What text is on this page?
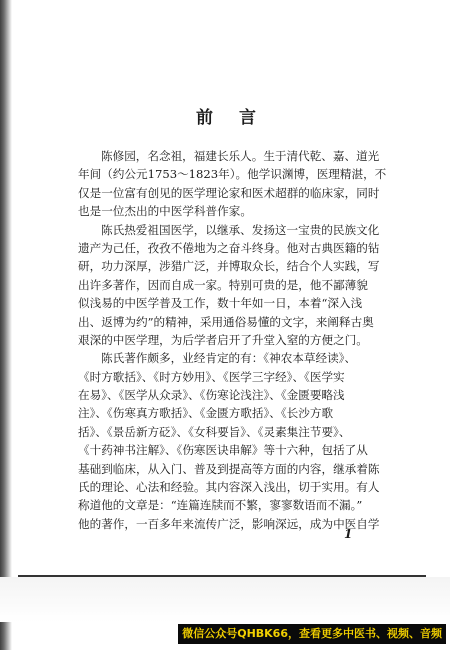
前 言
陈修园，名念祖，福建长乐人。生于清代乾、嘉、道光
年间（约公元1753～1823年）。他学识渊博，医理精湛，不
仅是一位富有创见的医学理论家和医术超群的临床家，同时
也是一位杰出的中医学科普作家。
陈氏热爱祖国医学，以继承、发扬这一宝贵的民族文化
遗产为己任，孜孜不倦地为之奋斗终身。他对古典医籍的钻
研，功力深厚，涉猎广泛，并博取众长，结合个人实践，写
出许多著作，因而自成一家。特别可贵的是，他不鄙薄貌
似浅易的中医学普及工作，数十年如一日，本着“深入浅
出、返博为约”的精神，采用通俗易懂的文字，来阐释古奥
艰深的中医学理，为后学者启开了升堂入窒的方便之门。
陈氏著作颇多，业经肯定的有：《神农本草经读》、
《时方歌括》、《时方妙用》、《医学三字经》、《医学实
在易》、《医学从众录》、《伤寒论浅注》、《金匮要略浅
注》、《伤寒真方歌括》、《金匮方歌括》、《长沙方歌
括》、《景岳新方砭》、《女科要旨》、《灵素集注节要》、
《十药神书注解》、《伤寒医诀串解》等十六种，包括了从
基础到临床，从入门、普及到提高等方面的内容，继承着陈
氏的理论、心法和经验。其内容深入浅出，切于实用。有人
称道他的文章是：“连篇连牍而不繁，寥寥数语而不漏。”
他的著作，一百多年来流传广泛，影响深远，成为中医自学
1
微信公众号QHBK66，查看更多中医书、视频、音频
